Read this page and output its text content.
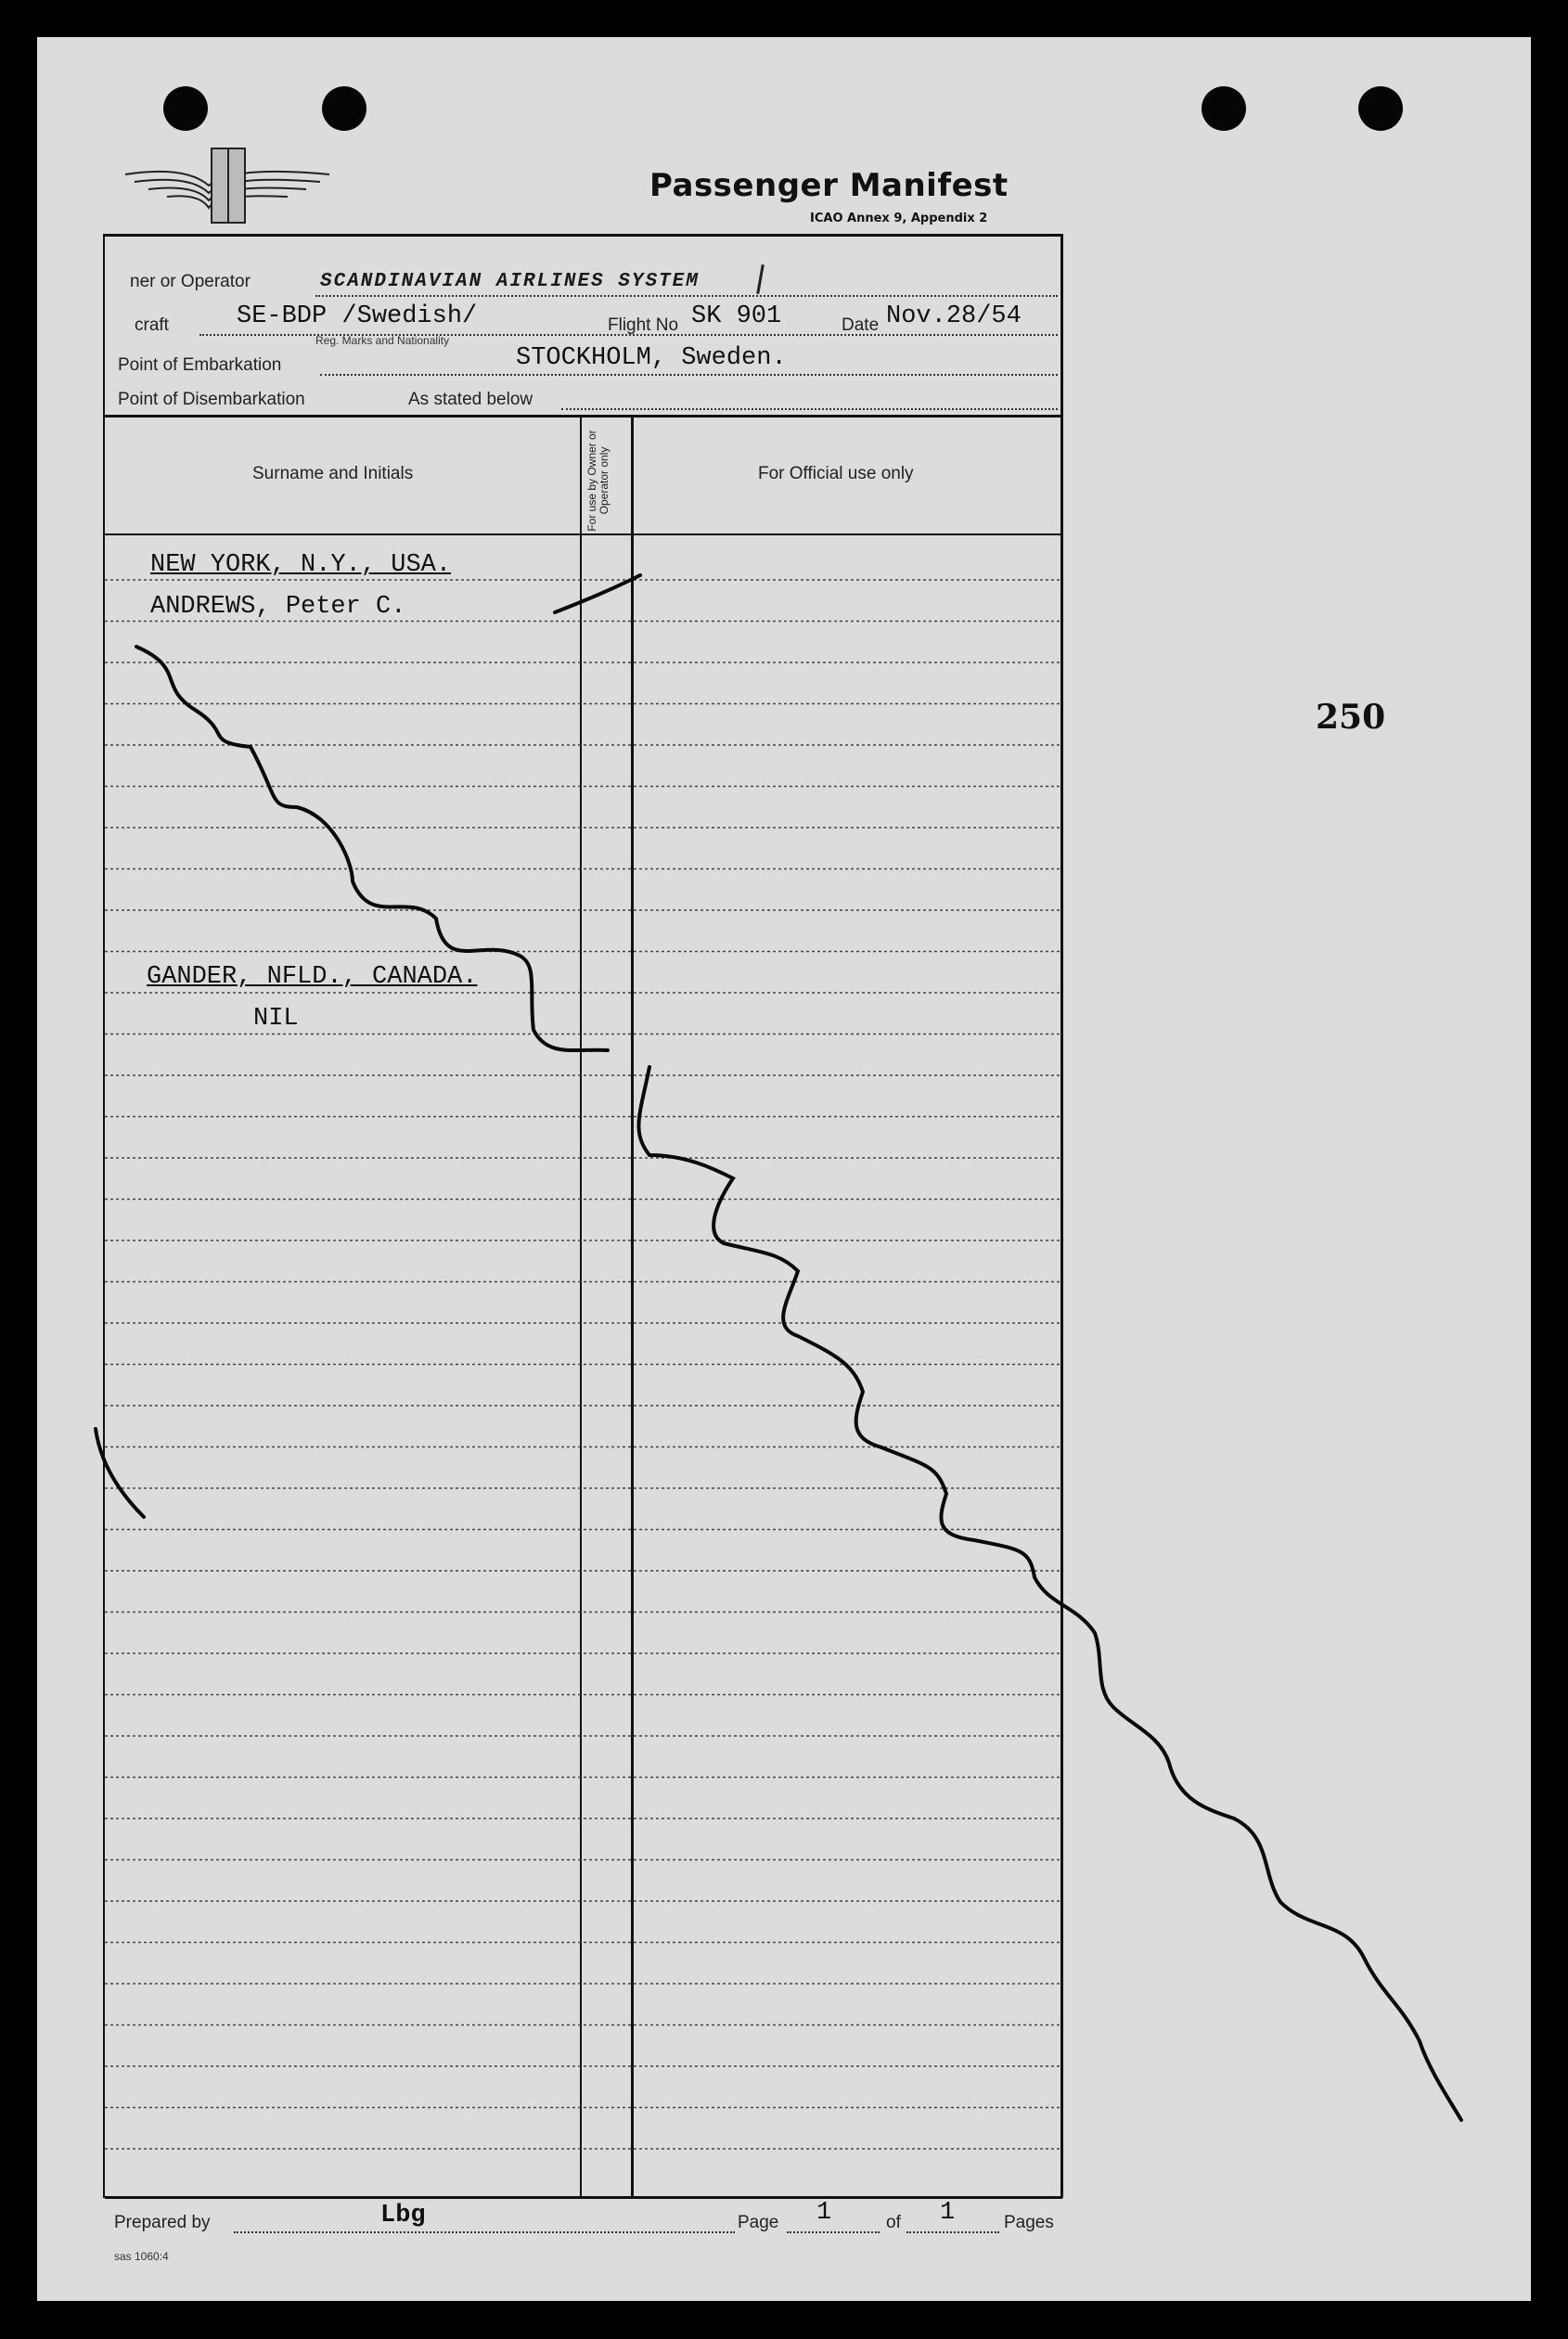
Passenger Manifest
ICAO Annex 9, Appendix 2
ner or Operator	SCANDINAVIAN AIRLINES SYSTEM
craft	SE-BDP /Swedish/
Reg. Marks and Nationality
Flight No SK 901	Date Nov.28/54
Point of Embarkation	STOCKHOLM, Sweden.
Point of Disembarkation	As stated below
Surname and Initials	For use by Owner or Operator only	For Official use only
NEW YORK, N.Y., USA.
ANDREWS, Peter C.
GANDER, NFLD., CANADA.
NIL
250
Prepared by	Lbg	Page 1	of 1	Pages
sas 1060:4
